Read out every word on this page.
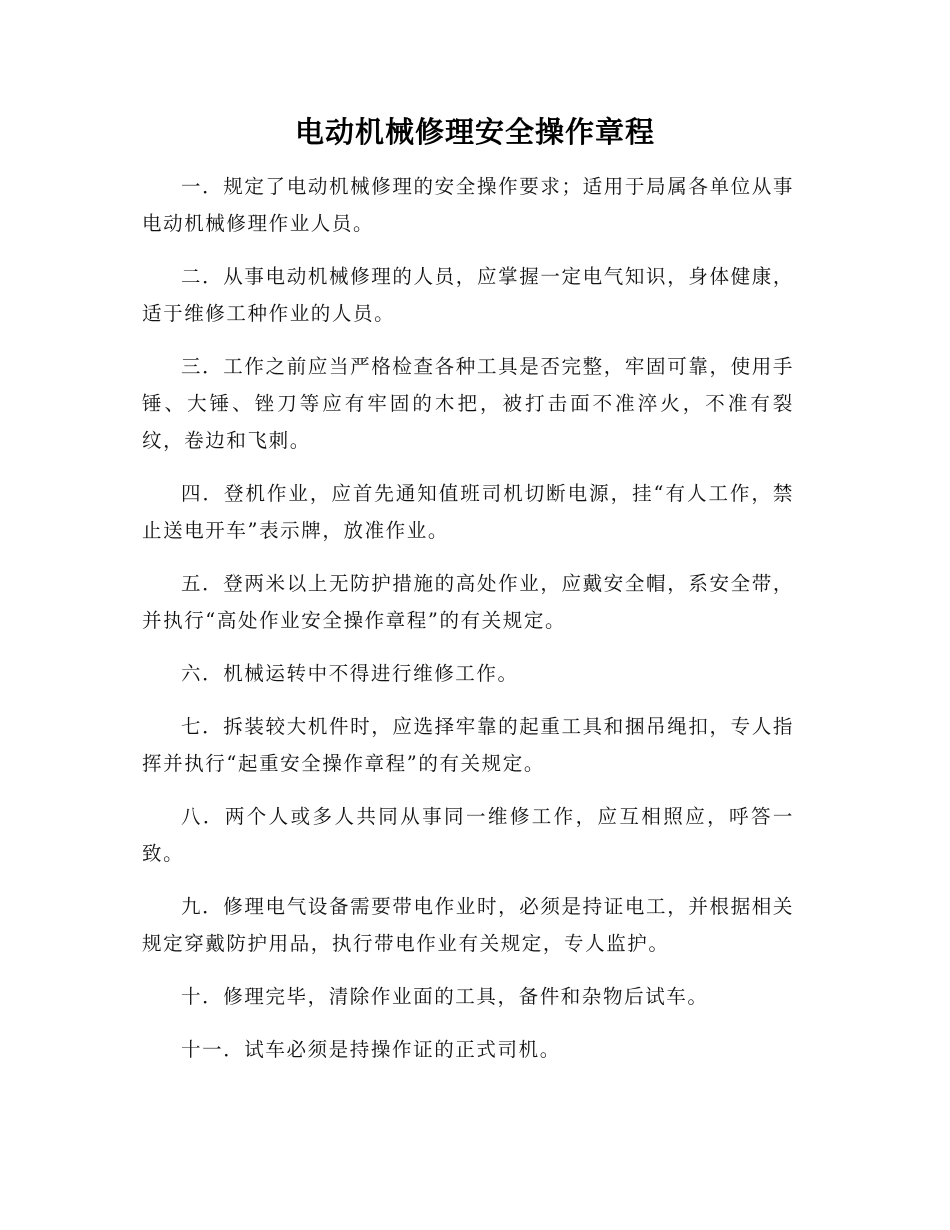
电动机械修理安全操作章程

一．规定了电动机械修理的安全操作要求；适用于局属各单位从事电动机械修理作业人员。

二．从事电动机械修理的人员，应掌握一定电气知识，身体健康，适于维修工种作业的人员。

三．工作之前应当严格检查各种工具是否完整，牢固可靠，使用手锤、大锤、锉刀等应有牢固的木把，被打击面不准淬火，不准有裂纹，卷边和飞刺。

四．登机作业，应首先通知值班司机切断电源，挂“有人工作，禁止送电开车”表示牌，放准作业。

五．登两米以上无防护措施的高处作业，应戴安全帽，系安全带，并执行“高处作业安全操作章程”的有关规定。

六．机械运转中不得进行维修工作。

七．拆装较大机件时，应选择牢靠的起重工具和捆吊绳扣，专人指挥并执行“起重安全操作章程”的有关规定。

八．两个人或多人共同从事同一维修工作，应互相照应，呼答一致。

九．修理电气设备需要带电作业时，必须是持证电工，并根据相关规定穿戴防护用品，执行带电作业有关规定，专人监护。

十．修理完毕，清除作业面的工具，备件和杂物后试车。

十一．试车必须是持操作证的正式司机。
